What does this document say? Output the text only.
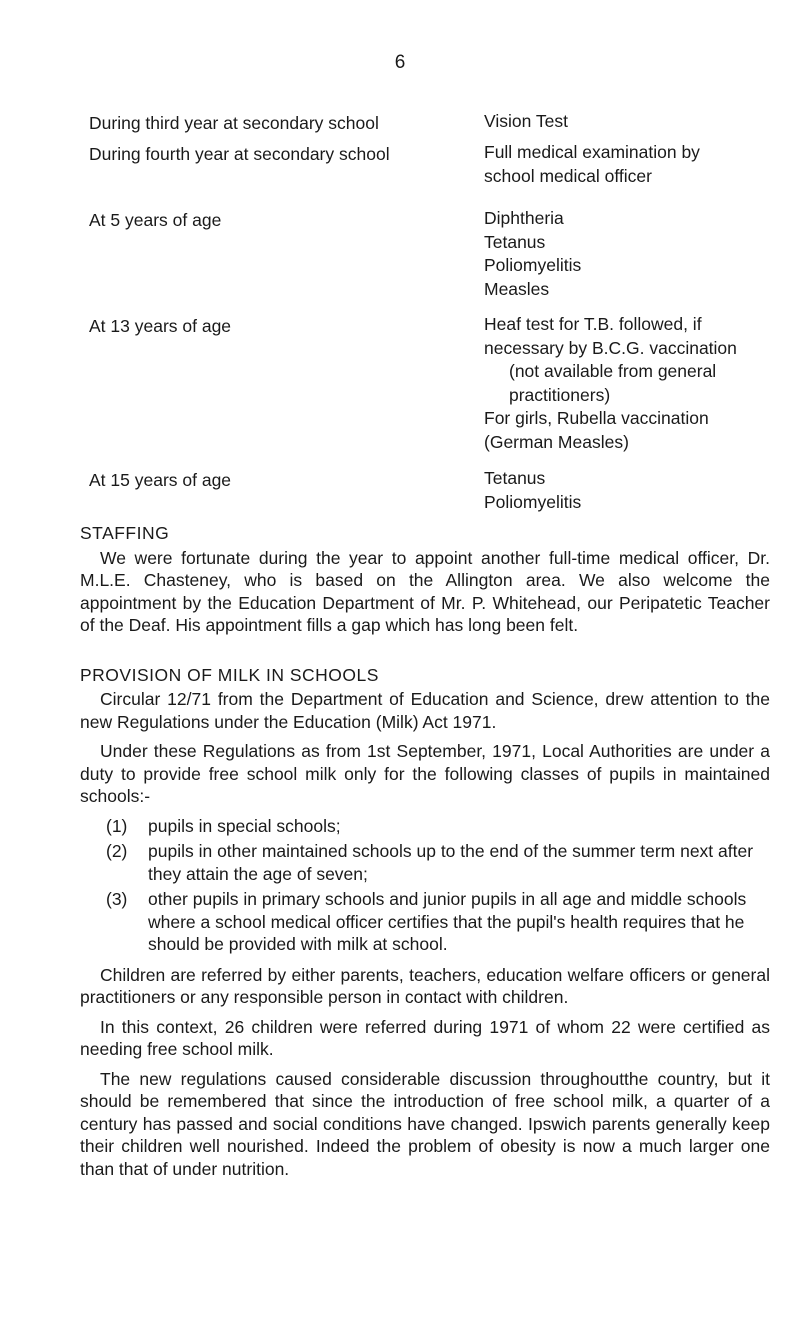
6
During third year at secondary school	Vision Test
During fourth year at secondary school	Full medical examination by
school medical officer
At 5 years of age	Diphtheria
Tetanus
Poliomyelitis
Measles
At 13 years of age	Heaf test for T.B. followed, if
necessary by B.C.G. vaccination
(not available from general
practitioners)
For girls, Rubella vaccination
(German Measles)
At 15 years of age	Tetanus
Poliomyelitis
STAFFING

We were fortunate during the year to appoint another full-time medical officer, Dr. M.L.E. Chasteney, who is based on the Allington area. We also welcome the appointment by the Education Department of Mr. P. Whitehead, our Peripatetic Teacher of the Deaf. His appointment fills a gap which has long been felt.

PROVISION OF MILK IN SCHOOLS

Circular 12/71 from the Department of Education and Science, drew attention to the new Regulations under the Education (Milk) Act 1971.

Under these Regulations as from 1st September, 1971, Local Authorities are under a duty to provide free school milk only for the following classes of pupils in maintained schools:-

(1)	pupils in special schools;
(2)	pupils in other maintained schools up to the end of the summer term next after they attain the age of seven;
(3)	other pupils in primary schools and junior pupils in all age and middle schools where a school medical officer certifies that the pupil's health requires that he should be provided with milk at school.

Children are referred by either parents, teachers, education welfare officers or general practitioners or any responsible person in contact with children.

In this context, 26 children were referred during 1971 of whom 22 were certified as needing free school milk.

The new regulations caused considerable discussion throughoutthe country, but it should be remembered that since the introduction of free school milk, a quarter of a century has passed and social conditions have changed. Ipswich parents generally keep their children well nourished. Indeed the problem of obesity is now a much larger one than that of under nutrition.
